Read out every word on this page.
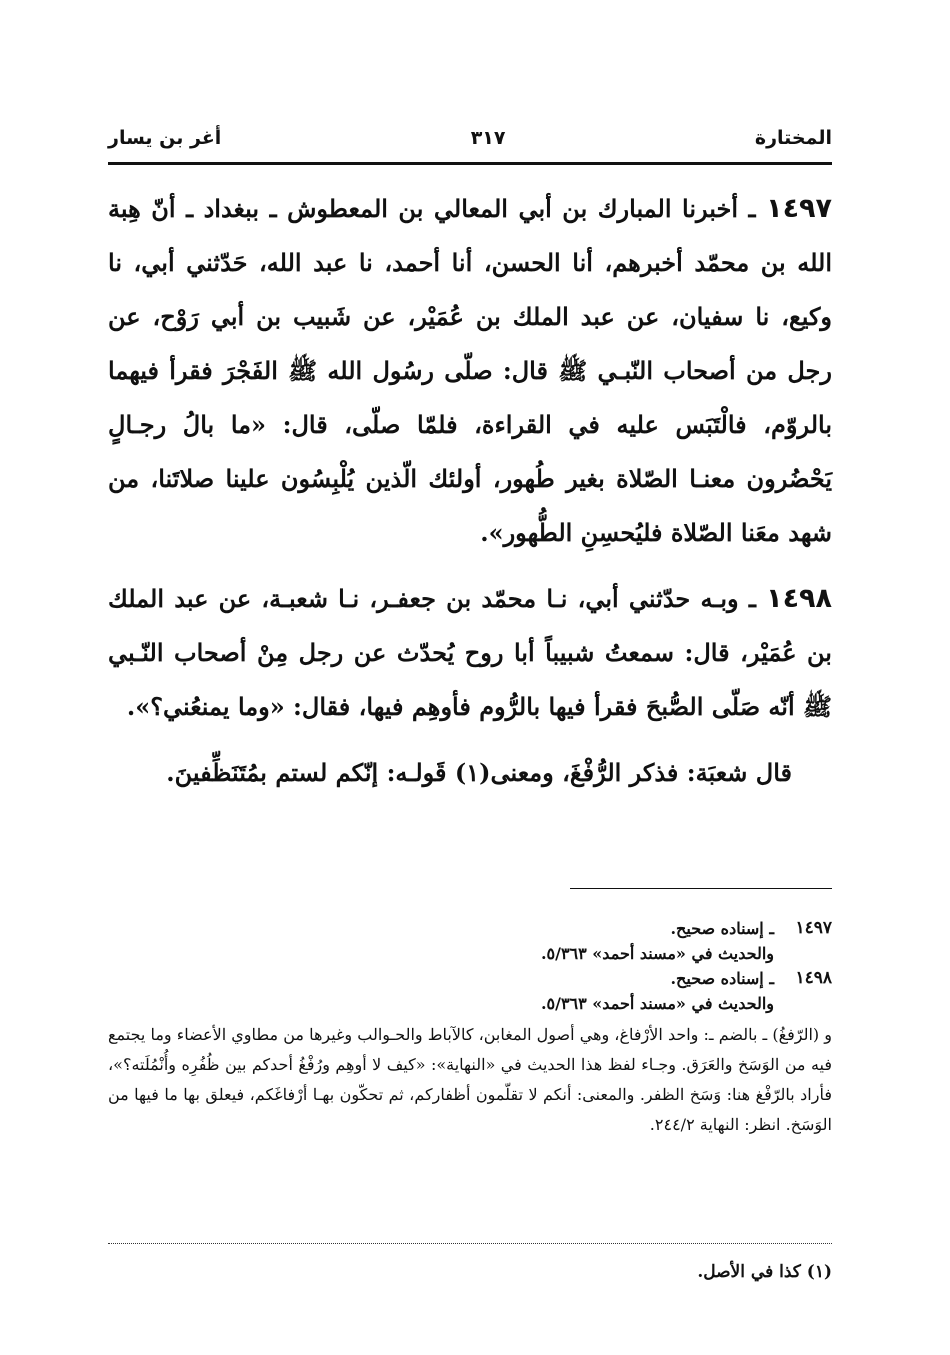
المختارة
٣١٧
أغر بن يسار

١٤٩٧ ـ أخبرنا المبارك بن أبي المعالي بن المعطوش ـ ببغداد ـ أنّ هِبة الله بن محمّد أخبرهم، أنا الحسن، أنا أحمد، نا عبد الله، حَدّثني أبي، نا وكيع، نا سفيان، عن عبد الملك بن عُمَيْر، عن شَبيب بن أبي رَوْح، عن رجل من أصحاب النّبـي ﷺ قال: صلّى رسُول الله ﷺ الفَجْرَ فقرأ فيهما بالروّم، فالْتَبَس عليه في القراءة، فلمّا صلّى، قال: «ما بالُ رجـالٍ يَحْضُرون معنـا الصّلاة بغير طُهور، أولئك الّذين يُلْبِسُون علينا صلاتَنا، من شهد معَنا الصّلاة فليُحسِنِ الطُّهور».

١٤٩٨ ـ وبـه حدّثني أبي، نـا محمّد بن جعفـر، نـا شعبـة، عن عبد الملك بن عُمَيْر، قال: سمعتُ شبيباً أبا روح يُحدّث عن رجل مِنْ أصحاب النّـبي ﷺ أنّه صَلّى الصُّبحَ فقرأ فيها بالرُّوم فأوهِم فيها، فقال: «وما يمنعُني؟».

قال شعبَة: فذكر الرُّفْغَ، ومعنى(١) قَولـه: إنّكم لستم بمُتَنَظِّفينَ.

١٤٩٧
ـ إسناده صحيح.
والحديث في «مسند أحمد» ٥/٣٦٣.
١٤٩٨
ـ إسناده صحيح.
والحديث في «مسند أحمد» ٥/٣٦٣.
و (الرّفغُ) ـ بالضم ـ: واحد الأرْفاغ، وهي أصول المغابن، كالآباط والحـوالب وغيرها من مطاوي الأعضاء وما يجتمع فيه من الوَسَخ والعَرَق. وجـاء لفظ هذا الحديث في «النهاية»: «كيف لا أوهِم ورُفْغُ أحدكم بين ظُفُرِه وأُنْمُلَته؟»، فأراد بالرّفْغ هنا: وَسَخ الظفر. والمعنى: أنكم لا تقلّمون أظفاركم، ثم تحكّون بهـا أرْفاغَكم، فيعلق بها ما فيها من الوَسَخ. انظر: النهاية ٢٤٤/٢.
(١) كذا في الأصل.
